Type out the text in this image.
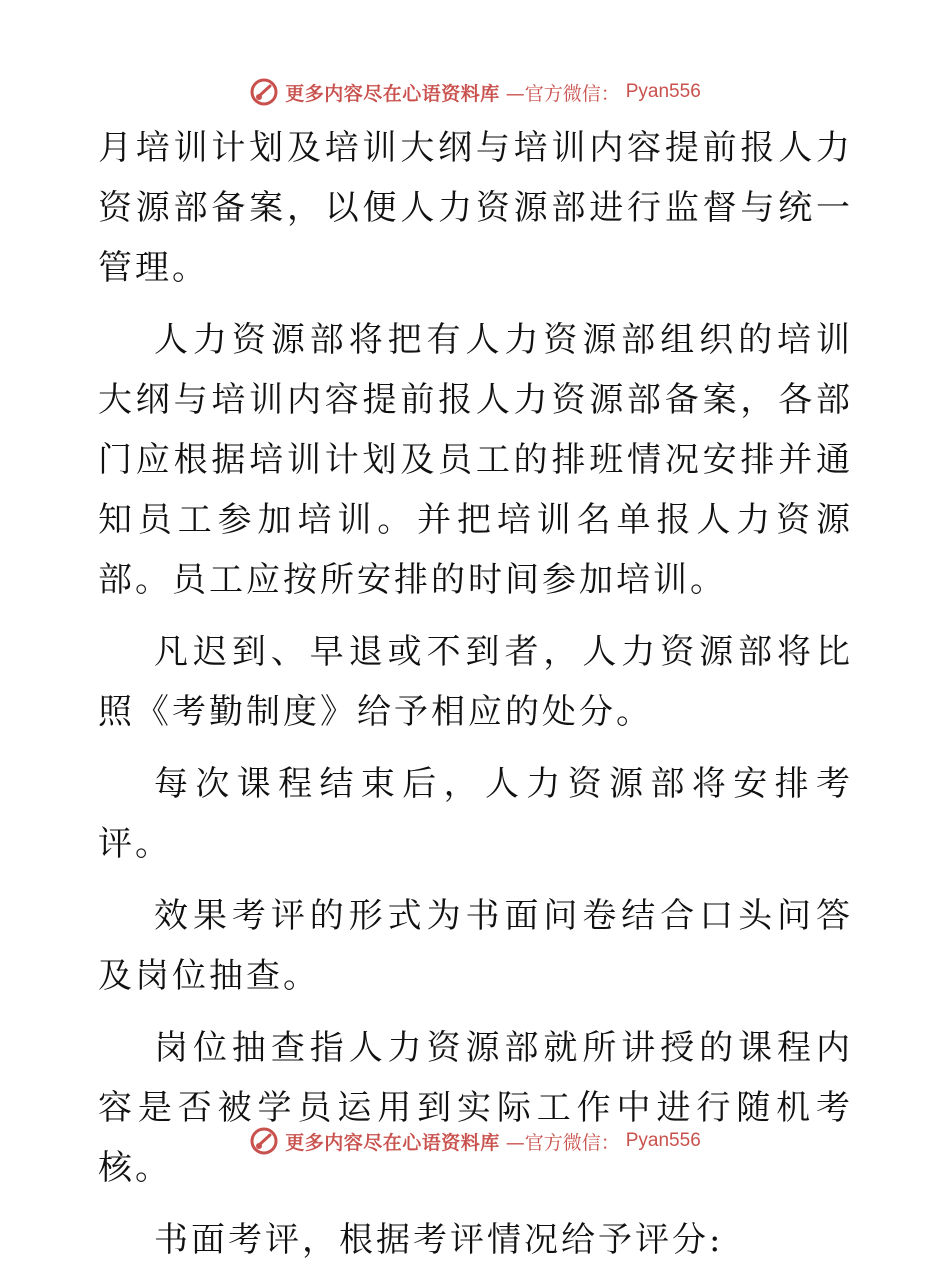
更多内容尽在心语资料库 —官方微信： Pyan556

月培训计划及培训大纲与培训内容提前报人力资源部备案，以便人力资源部进行监督与统一管理。

人力资源部将把有人力资源部组织的培训大纲与培训内容提前报人力资源部备案，各部门应根据培训计划及员工的排班情况安排并通知员工参加培训。并把培训名单报人力资源部。员工应按所安排的时间参加培训。

凡迟到、早退或不到者，人力资源部将比照《考勤制度》给予相应的处分。

每次课程结束后，人力资源部将安排考评。

效果考评的形式为书面问卷结合口头问答及岗位抽查。

岗位抽查指人力资源部就所讲授的课程内容是否被学员运用到实际工作中进行随机考核。

书面考评，根据考评情况给予评分:

更多内容尽在心语资料库 —官方微信： Pyan556
